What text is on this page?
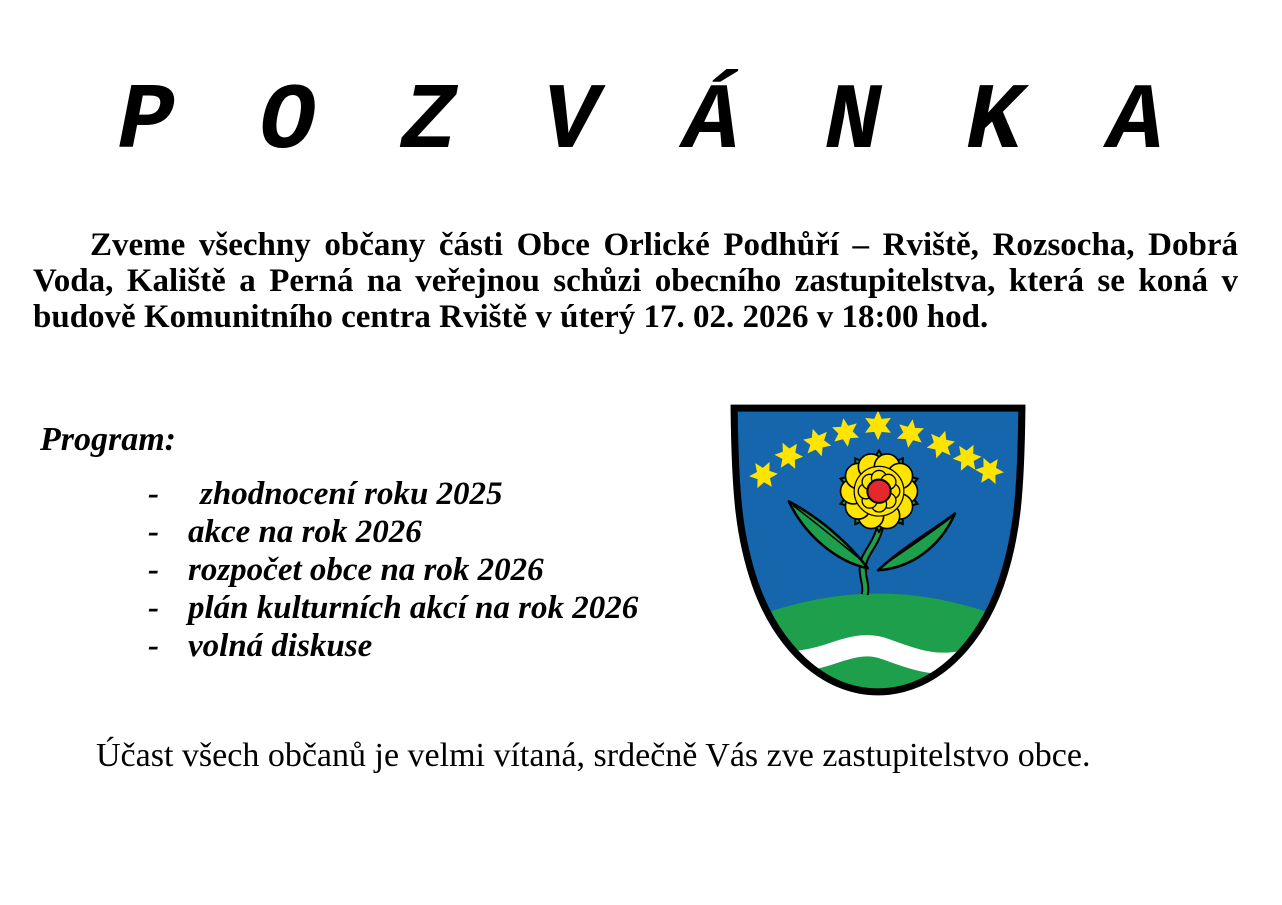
POZVÁNKA

Zveme všechny občany části Obce Orlické Podhůří – Rviště, Rozsocha, Dobrá Voda, Kaliště a Perná na veřejnou schůzi obecního zastupitelstva, která se koná v budově Komunitního centra Rviště v úterý 17. 02. 2026 v 18:00 hod.

Program:
- zhodnocení roku 2025
- akce na rok 2026
- rozpočet obce na rok 2026
- plán kulturních akcí na rok 2026
- volná diskuse

Účast všech občanů je velmi vítaná, srdečně Vás zve zastupitelstvo obce.
